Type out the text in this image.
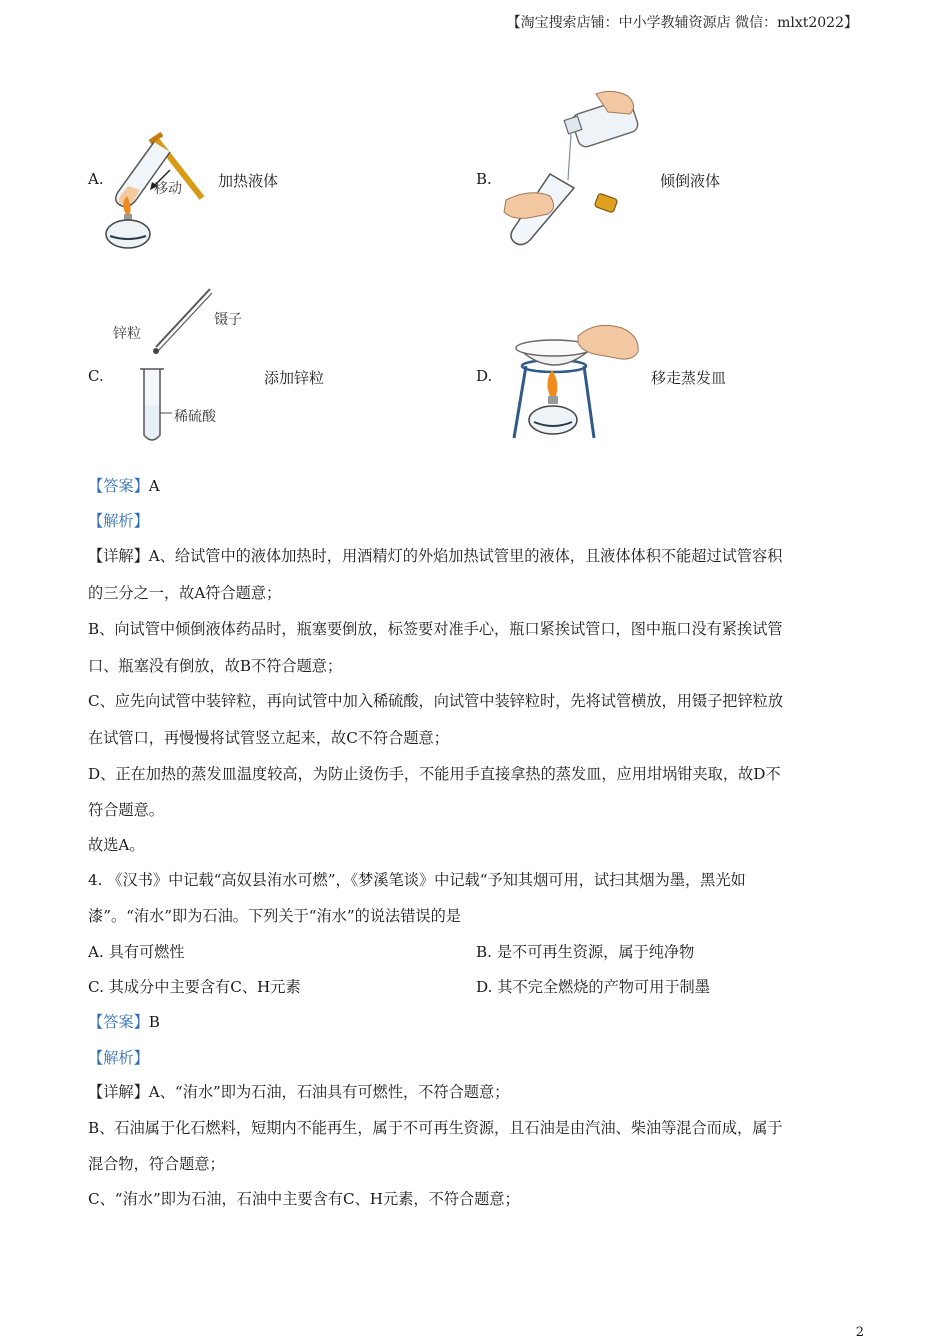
【淘宝搜索店铺：中小学教辅资源店 微信：mlxt2022】
A.
移动 加热液体	B.	倾倒液体
C.
锌粒
镊子
稀硫酸
添加锌粒	D.	移走蒸发皿
【答案】A
【解析】
【详解】A、给试管中的液体加热时，用酒精灯的外焰加热试管里的液体，且液体体积不能超过试管容积
的三分之一，故A符合题意；
B、向试管中倾倒液体药品时，瓶塞要倒放，标签要对准手心，瓶口紧挨试管口，图中瓶口没有紧挨试管
口、瓶塞没有倒放，故B不符合题意；
C、应先向试管中装锌粒，再向试管中加入稀硫酸，向试管中装锌粒时，先将试管横放，用镊子把锌粒放
在试管口，再慢慢将试管竖立起来，故C不符合题意；
D、正在加热的蒸发皿温度较高，为防止烫伤手，不能用手直接拿热的蒸发皿，应用坩埚钳夹取，故D不
符合题意。
故选A。
4. 《汉书》中记载“高奴县洧水可燃”，《梦溪笔谈》中记载“予知其烟可用，试扫其烟为墨，黑光如
漆”。“洧水”即为石油。下列关于“洧水”的说法错误的是
A. 具有可燃性	B. 是不可再生资源，属于纯净物
C. 其成分中主要含有C、H元素	D. 其不完全燃烧的产物可用于制墨
【答案】B
【解析】
【详解】A、“洧水”即为石油，石油具有可燃性，不符合题意；
B、石油属于化石燃料，短期内不能再生，属于不可再生资源，且石油是由汽油、柴油等混合而成，属于
混合物，符合题意；
C、“洧水”即为石油，石油中主要含有C、H元素，不符合题意；
2
